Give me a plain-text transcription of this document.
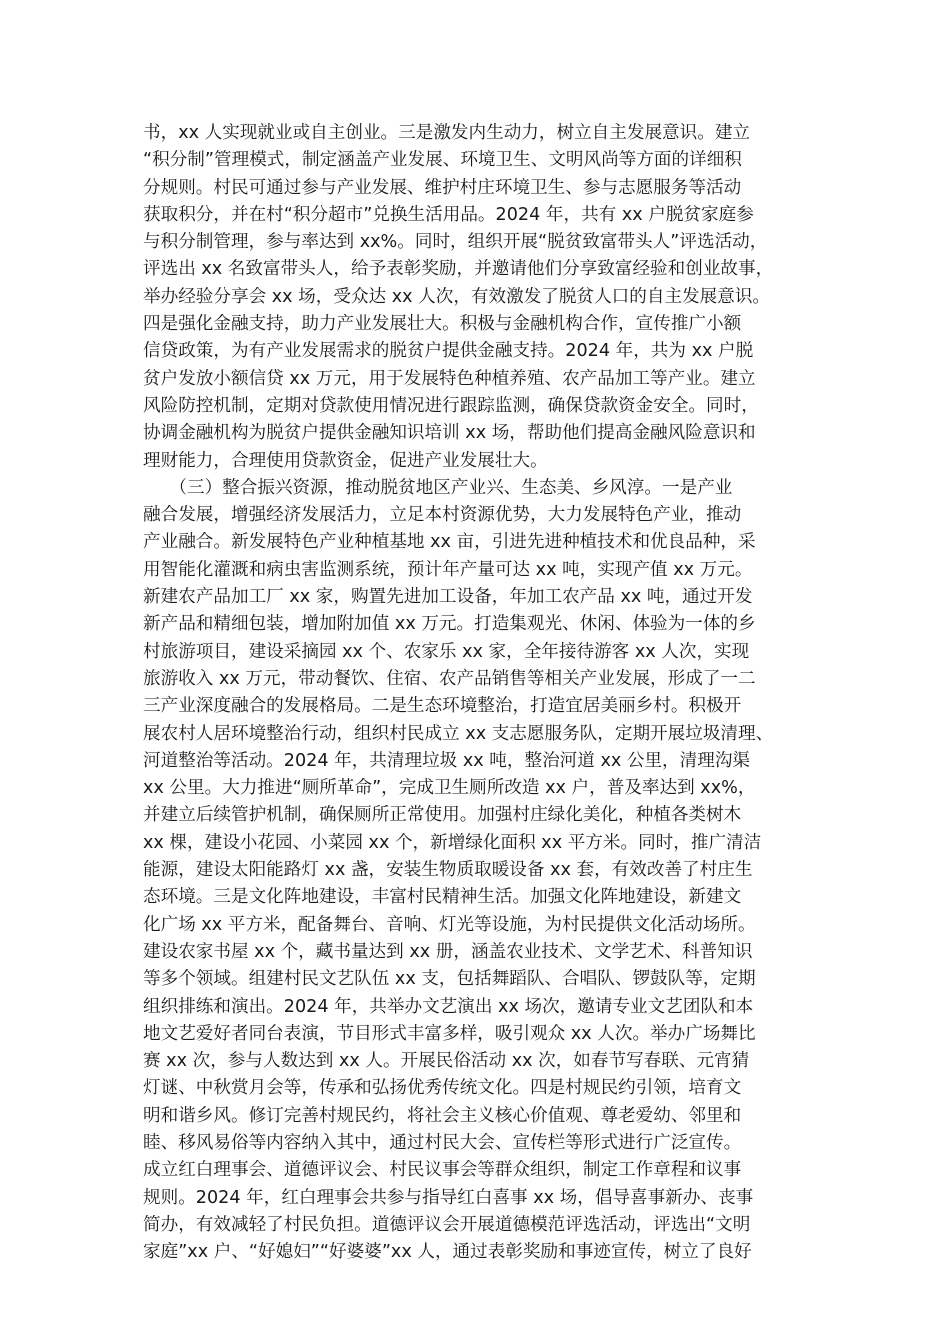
书，xx 人实现就业或自主创业。三是激发内生动力，树立自主发展意识。建立
“积分制”管理模式，制定涵盖产业发展、环境卫生、文明风尚等方面的详细积
分规则。村民可通过参与产业发展、维护村庄环境卫生、参与志愿服务等活动
获取积分，并在村“积分超市”兑换生活用品。2024 年，共有 xx 户脱贫家庭参
与积分制管理，参与率达到 xx%。同时，组织开展“脱贫致富带头人”评选活动，
评选出 xx 名致富带头人，给予表彰奖励，并邀请他们分享致富经验和创业故事，
举办经验分享会 xx 场，受众达 xx 人次，有效激发了脱贫人口的自主发展意识。
四是强化金融支持，助力产业发展壮大。积极与金融机构合作，宣传推广小额
信贷政策，为有产业发展需求的脱贫户提供金融支持。2024 年，共为 xx 户脱
贫户发放小额信贷 xx 万元，用于发展特色种植养殖、农产品加工等产业。建立
风险防控机制，定期对贷款使用情况进行跟踪监测，确保贷款资金安全。同时，
协调金融机构为脱贫户提供金融知识培训 xx 场，帮助他们提高金融风险意识和
理财能力，合理使用贷款资金，促进产业发展壮大。
　　（三）整合振兴资源，推动脱贫地区产业兴、生态美、乡风淳。一是产业
融合发展，增强经济发展活力，立足本村资源优势，大力发展特色产业，推动
产业融合。新发展特色产业种植基地 xx 亩，引进先进种植技术和优良品种，采
用智能化灌溉和病虫害监测系统，预计年产量可达 xx 吨，实现产值 xx 万元。
新建农产品加工厂 xx 家，购置先进加工设备，年加工农产品 xx 吨，通过开发
新产品和精细包装，增加附加值 xx 万元。打造集观光、休闲、体验为一体的乡
村旅游项目，建设采摘园 xx 个、农家乐 xx 家，全年接待游客 xx 人次，实现
旅游收入 xx 万元，带动餐饮、住宿、农产品销售等相关产业发展，形成了一二
三产业深度融合的发展格局。二是生态环境整治，打造宜居美丽乡村。积极开
展农村人居环境整治行动，组织村民成立 xx 支志愿服务队，定期开展垃圾清理、
河道整治等活动。2024 年，共清理垃圾 xx 吨，整治河道 xx 公里，清理沟渠
xx 公里。大力推进“厕所革命”，完成卫生厕所改造 xx 户，普及率达到 xx%，
并建立后续管护机制，确保厕所正常使用。加强村庄绿化美化，种植各类树木
xx 棵，建设小花园、小菜园 xx 个，新增绿化面积 xx 平方米。同时，推广清洁
能源，建设太阳能路灯 xx 盏，安装生物质取暖设备 xx 套，有效改善了村庄生
态环境。三是文化阵地建设，丰富村民精神生活。加强文化阵地建设，新建文
化广场 xx 平方米，配备舞台、音响、灯光等设施，为村民提供文化活动场所。
建设农家书屋 xx 个，藏书量达到 xx 册，涵盖农业技术、文学艺术、科普知识
等多个领域。组建村民文艺队伍 xx 支，包括舞蹈队、合唱队、锣鼓队等，定期
组织排练和演出。2024 年，共举办文艺演出 xx 场次，邀请专业文艺团队和本
地文艺爱好者同台表演，节目形式丰富多样，吸引观众 xx 人次。举办广场舞比
赛 xx 次，参与人数达到 xx 人。开展民俗活动 xx 次，如春节写春联、元宵猜
灯谜、中秋赏月会等，传承和弘扬优秀传统文化。四是村规民约引领，培育文
明和谐乡风。修订完善村规民约，将社会主义核心价值观、尊老爱幼、邻里和
睦、移风易俗等内容纳入其中，通过村民大会、宣传栏等形式进行广泛宣传。
成立红白理事会、道德评议会、村民议事会等群众组织，制定工作章程和议事
规则。2024 年，红白理事会共参与指导红白喜事 xx 场，倡导喜事新办、丧事
简办，有效减轻了村民负担。道德评议会开展道德模范评选活动，评选出“文明
家庭”xx 户、“好媳妇”“好婆婆”xx 人，通过表彰奖励和事迹宣传，树立了良好
